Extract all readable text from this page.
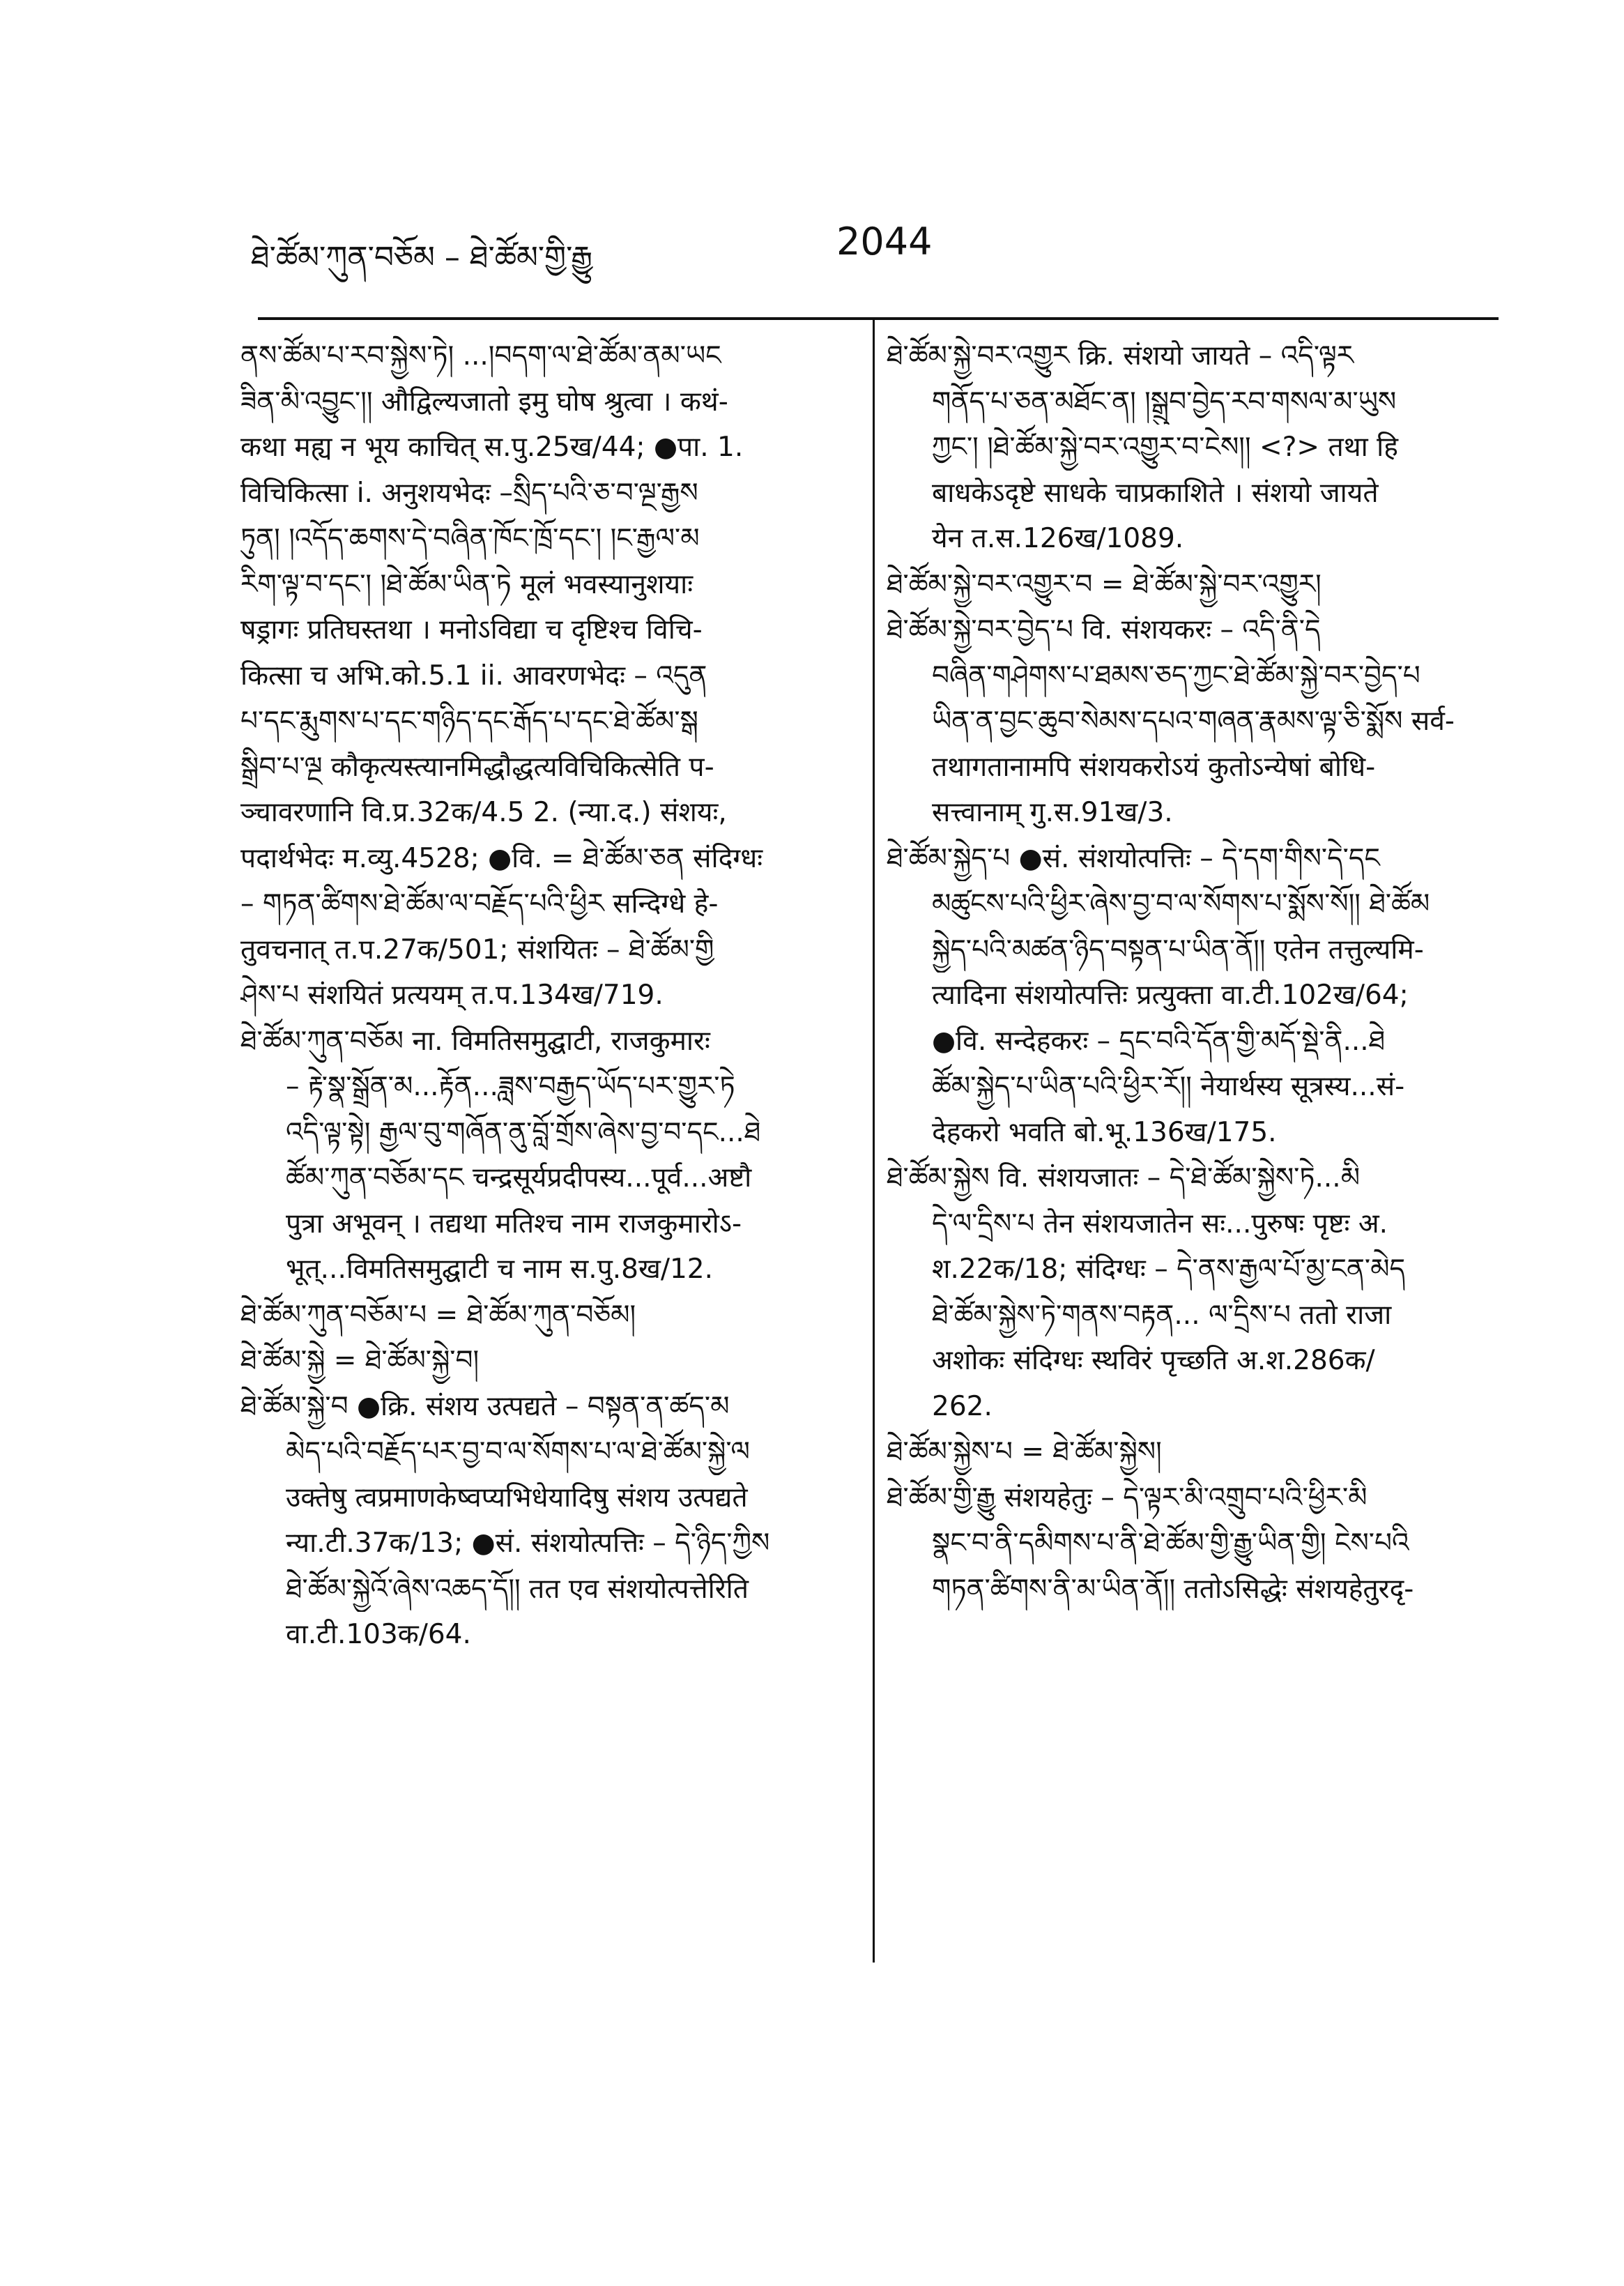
ཐེ་ཚོམ་ཀུན་བཅོམ – ཐེ་ཚོམ་གྱི་རྒྱུ	2044
ནས་ཚོམ་པ་རབ་སྐྱེས་ཏེ། ...།བདག་ལ་ཐེ་ཚོམ་ནམ་ཡང
ཟིན་མི་འབྱུང་།། औद्विल्यजातो इमु घोष श्रुत्वा । कथं-
कथा मह्य न भूय काचित् स.पु.25ख/44; ●पा. 1.
विचिकित्सा i. अनुशयभेदः –སྲིད་པའི་ཅ་བ་ལྔ་རྒྱས
ཏུན། །འདོད་ཆགས་དེ་བཞིན་ཁོང་ཁྲོ་དང་། །ང་རྒྱལ་མ
རིག་ལྟ་བ་དང་། །ཐེ་ཚོམ་ཡིན་ཏེ मूलं भवस्यानुशयाः
षड्रागः प्रतिघस्तथा । मनोऽविद्या च दृष्टिश्च विचि-
कित्सा च अभि.को.5.1 ii. आवरणभेदः – འདུན
པ་དང་རྨུགས་པ་དང་གཉིད་དང་རྒོད་པ་དང་ཐེ་ཚོམ་སྒ
སྒྲིབ་པ་ལྔ कौकृत्यस्त्यानमिद्धौद्धत्यविचिकित्सेति प-
ञ्चावरणानि वि.प्र.32क/4.5 2. (न्या.द.) संशयः,
पदार्थभेदः म.व्यु.4528; ●वि. = ཐེ་ཚོམ་ཅན संदिग्धः
– གཏན་ཚིགས་ཐེ་ཚོམ་ལ་བརྗོད་པའི་ཕྱིར सन्दिग्धे हे-
तुवचनात् त.प.27क/501; संशयितः – ཐེ་ཚོམ་གྱི
ཤེས་པ संशयितं प्रत्ययम् त.प.134ख/719.
ཐེ་ཚོམ་ཀུན་བཅོམ ना. विमतिसमुद्घाटी, राजकुमारः
– རྟེ་སྣ་སྒྲོན་མ...རྟོན...ཟླས་བརྒྱད་ཡོད་པར་གྱུར་ཏེ
འདི་ལྟ་སྟེ། རྒྱལ་བུ་གཞོན་ནུ་བློ་གྲོས་ཞེས་བྱ་བ་དང...ཐེ
ཚོམ་ཀུན་བཅོམ་དང चन्द्रसूर्यप्रदीपस्य...पूर्व...अष्टौ
पुत्रा अभूवन् । तद्यथा मतिश्च नाम राजकुमारोऽ-
भूत्...विमतिसमुद्घाटी च नाम स.पु.8ख/12.
ཐེ་ཚོམ་ཀུན་བཅོམ་པ = ཐེ་ཚོམ་ཀུན་བཅོམ།
ཐེ་ཚོམ་སྐྱེ = ཐེ་ཚོམ་སྐྱེ་བ།
ཐེ་ཚོམ་སྐྱེ་བ ●क्रि. संशय उत्पद्यते – བསྟན་ན་ཚད་མ
མེད་པའི་བརྗོད་པར་བྱ་བ་ལ་སོགས་པ་ལ་ཐེ་ཚོམ་སྐྱེ་ལ
उक्तेषु त्वप्रमाणकेष्वप्यभिधेयादिषु संशय उत्पद्यते
न्या.टी.37क/13; ●सं. संशयोत्पत्तिः – དེ་ཉིད་ཀྱིས
ཐེ་ཚོམ་སྐྱེའོ་ཞེས་འཆད་དོ།། तत एव संशयोत्पत्तेरिति
वा.टी.103क/64.
ཐེ་ཚོམ་སྐྱེ་བར་འགྱུར क्रि. संशयो जायते – འདི་ལྟར
གནོད་པ་ཅན་མཐོང་ན། །སྒྲུབ་བྱེད་རབ་གསལ་མ་ཡུས
ཀྱང་། །ཐེ་ཚོམ་སྐྱེ་བར་འགྱུར་བ་ངེས།། <?> तथा हि
बाधकेऽदृष्टे साधके चाप्रकाशिते । संशयो जायते
येन त.स.126ख/1089.
ཐེ་ཚོམ་སྐྱེ་བར་འགྱུར་བ = ཐེ་ཚོམ་སྐྱེ་བར་འགྱུར།
ཐེ་ཚོམ་སྐྱེ་བར་བྱེད་པ वि. संशयकरः – འདི་ནི་དེ
བཞིན་གཤེགས་པ་ཐམས་ཅད་ཀྱང་ཐེ་ཚོམ་སྐྱེ་བར་བྱེད་པ
ཡིན་ན་བྱང་ཆུབ་སེམས་དཔའ་གཞན་རྣམས་ལྟ་ཅི་སྨོས सर्व-
तथागतानामपि संशयकरोऽयं कुतोऽन्येषां बोधि-
सत्त्वानाम् गु.स.91ख/3.
ཐེ་ཚོམ་སྐྱེད་པ ●सं. संशयोत्पत्तिः – དེ་དག་གིས་དེ་དང
མཚུངས་པའི་ཕྱིར་ཞེས་བྱ་བ་ལ་སོགས་པ་སྨོས་སོ།། ཐེ་ཚོམ
སྐྱེད་པའི་མཚན་ཉིད་བསྟན་པ་ཡིན་ནོ།། एतेन तत्तुल्यमि-
त्यादिना संशयोत्पत्तिः प्रत्युक्ता वा.टी.102ख/64;
●वि. सन्देहकरः – དྲང་བའི་དོན་གྱི་མདོ་སྡེ་ནི...ཐེ
ཚོམ་སྐྱེད་པ་ཡིན་པའི་ཕྱིར་རོ།། नेयार्थस्य सूत्रस्य...सं-
देहकरो भवति बो.भू.136ख/175.
ཐེ་ཚོམ་སྐྱེས वि. संशयजातः – དེ་ཐེ་ཚོམ་སྐྱེས་ཏེ...མི
དེ་ལ་དྲིས་པ तेन संशयजातेन सः...पुरुषः पृष्टः अ.
श.22क/18; संदिग्धः – དེ་ནས་རྒྱལ་པོ་མྱ་ངན་མེད
ཐེ་ཚོམ་སྐྱེས་ཏེ་གནས་བརྟན... ལ་དྲིས་པ ततो राजा
अशोकः संदिग्धः स्थविरं पृच्छति अ.श.286क/
262.
ཐེ་ཚོམ་སྐྱེས་པ = ཐེ་ཚོམ་སྐྱེས།
ཐེ་ཚོམ་གྱི་རྒྱུ संशयहेतुः – དེ་ལྟར་མི་འགྲུབ་པའི་ཕྱིར་མི
སྣང་བ་ནི་དམིགས་པ་ནི་ཐེ་ཚོམ་གྱི་རྒྱུ་ཡིན་གྱི། ངེས་པའི
གཏན་ཚིགས་ནི་མ་ཡིན་ནོ།། ततोऽसिद्धेः संशयहेतुरदृ-
